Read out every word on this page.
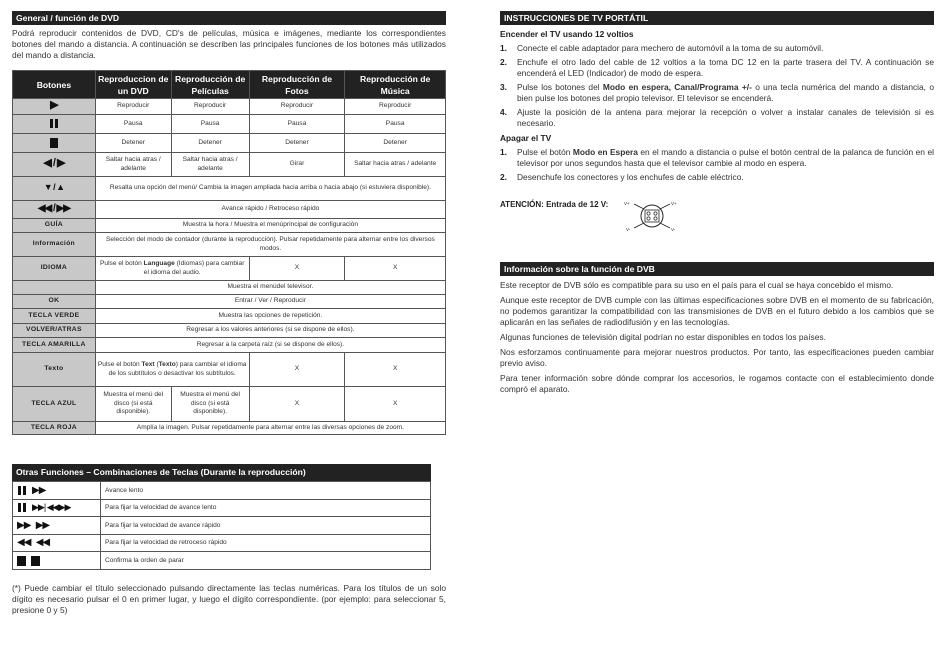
General / función de DVD

Podrá reproducir contenidos de DVD, CD's de películas, música e imágenes, mediante los correspondientes botones del mando a distancia. A continuación se describen las principales funciones de los botones más utilizados del mando a distancia.

Botones	Reproduccion de un DVD	Reproducción de Películas	Reproducción de Fotos	Reproducción de Música
▶	Reproducir	Reproducir	Reproducir	Reproducir
	Pausa	Pausa	Pausa	Pausa
	Detener	Detener	Detener	Detener
◀ / ▶	Saltar hacia atras / adelante	Saltar hacia atras / adelante	Girar	Saltar hacia atras / adelante
▼ / ▲	Resalta una opción del menú/ Cambia la imagen ampliada hacia arriba o hacia abajo (si estuviera disponible).			
◀◀ / ▶▶	Avance rápido / Retroceso rápido			
GUÍA	Muestra la hora / Muestra el menúprincipal de configuración			
Información	Selección del modo de contador (durante la reproducción). Pulsar repetidamente para alternar entre los diversos modos.			
IDIOMA	Pulse el botón Language (Idiomas) para cambiar el idioma del audio.		X	X
	Muestra el menúdel televisor.			
OK	Entrar / Ver / Reproducir			
TECLA VERDE	Muestra las opciones de repetición.			
VOLVER/ATRAS	Regresar a los valores anteriores (si se dispone de ellos).			
TECLA AMARILLA	Regresar a la carpeta raíz (si se dispone de ellos).			
Texto	Pulse el botón Text (Texto) para cambiar el idioma de los subtítulos o desactivar los subtítulos.		X	X
TECLA AZUL	Muestra el menú del disco (si está disponible).	Muestra el menú del disco (si está disponible).	X	X
TECLA ROJA	Amplía la imagen. Pulsar repetidamente para alternar entre las diversas opciones de zoom.			
Otras Funciones – Combinaciones de Teclas (Durante la reproducción)
▶▶	Avance lento
▶▶| ◀◀▶▶	Para fijar la velocidad de avance lento
▶▶   ▶▶	Para fijar la velocidad de avance rápido
◀◀   ◀◀	Para fijar la velocidad de retroceso rápido
	Confirma la orden de parar

(*) Puede cambiar el título seleccionado pulsando directamente las teclas numéricas. Para los títulos de un solo dígito es necesario pulsar el 0 en primer lugar, y luego el dígito correspondiente. (por ejemplo: para seleccionar 5, presione 0 y 5)

INSTRUCCIONES DE TV PORTÁTIL
Encender el TV usando 12 voltios
1.	Conecte el cable adaptador para mechero de automóvil a la toma de su automóvil.
2.	Enchufe el otro lado del cable de 12 voltios a la toma DC 12 en la parte trasera del TV. A continuación se encenderá el LED (Indicador) de modo de espera.
3.	Pulse los botones del Modo en espera, Canal/Programa +/- o una tecla numérica del mando a distancia, o bien pulse los botones del propio televisor. El televisor se encenderá.
4.	Ajuste la posición de la antena para mejorar la recepción o volver a instalar canales de televisión si es necesario.
Apagar el TV
1.	Pulse el botón Modo en Espera en el mando a distancia o pulse el botón central de la palanca de función en el televisor por unos segundos hasta que el televisor cambie al modo en espera.
2.	Desenchufe los conectores y los enchufes de cable eléctrico.
ATENCIÓN: Entrada de 12 V:	V+	V+
V-	V-
Información sobre la función de DVB

Este receptor de DVB sólo es compatible para su uso en el país para el cual se haya concebido el mismo.

Aunque este receptor de DVB cumple con las últimas especificaciones sobre DVB en el momento de su fabricación, no podemos garantizar la compatibilidad con las transmisiones de DVB en el futuro debido a los cambios que se aplicarán en las señales de radiodifusión y en las tecnologías.

Algunas funciones de televisión digital podrían no estar disponibles en todos los países.

Nos esforzamos continuamente para mejorar nuestros productos. Por tanto, las especificaciones pueden cambiar previo aviso.

Para tener información sobre dónde comprar los accesorios, le rogamos contacte con el establecimiento donde compró el aparato.
